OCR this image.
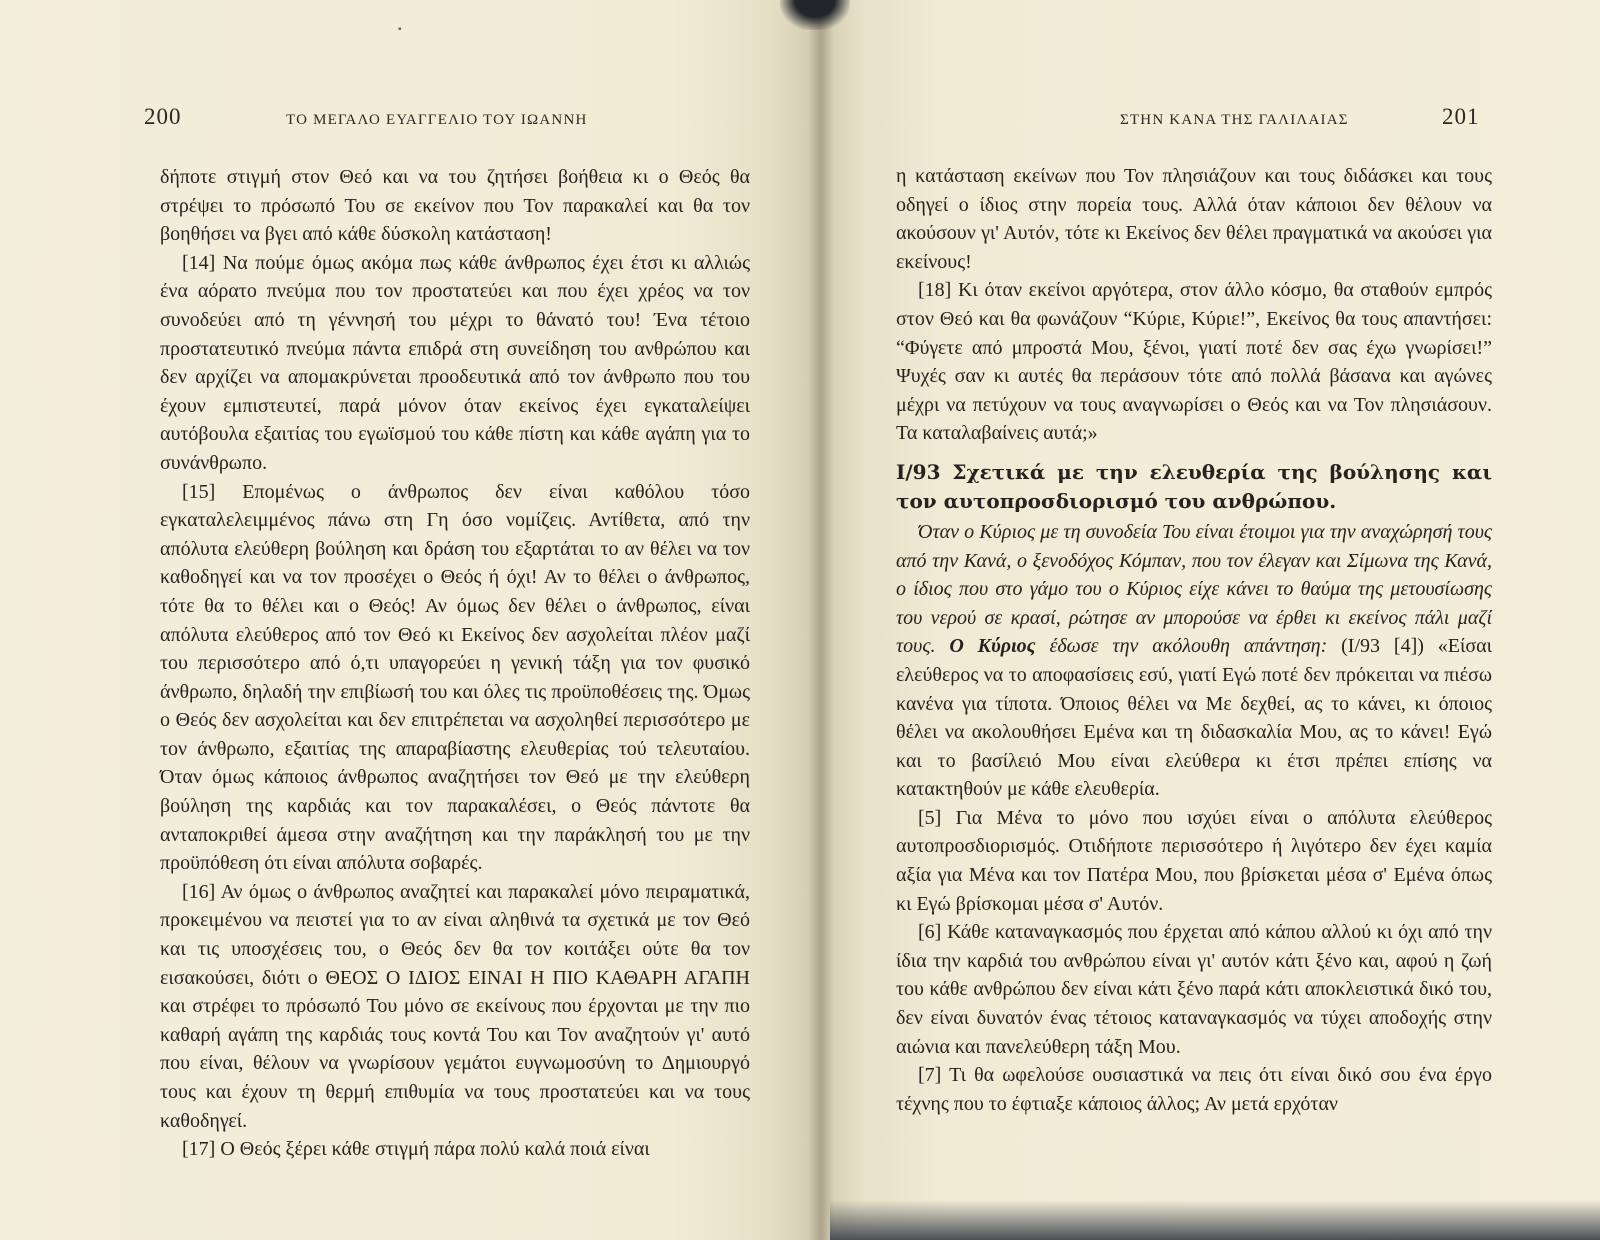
▪
200	ΤΟ ΜΕΓΑΛΟ ΕΥΑΓΓΕΛΙΟ ΤΟΥ ΙΩΑΝΝΗ

δήποτε στιγμή στον Θεό και να του ζητήσει βοήθεια κι ο Θεός θα στρέψει το πρόσωπό Του σε εκείνον που Τον παρακαλεί και θα τον βοηθήσει να βγει από κάθε δύσκολη κατάσταση!

[14] Να πούμε όμως ακόμα πως κάθε άνθρωπος έχει έτσι κι αλλιώς ένα αόρατο πνεύμα που τον προστατεύει και που έχει χρέος να τον συνοδεύει από τη γέννησή του μέχρι το θάνατό του! Ένα τέτοιο προστατευτικό πνεύμα πάντα επιδρά στη συνείδηση του ανθρώπου και δεν αρχίζει να απομακρύνεται προοδευτικά από τον άνθρωπο που του έχουν εμπιστευτεί, παρά μόνον όταν εκείνος έχει εγκαταλείψει αυτόβουλα εξαιτίας του εγωϊσμού του κάθε πίστη και κάθε αγάπη για το συνάνθρωπο.

[15] Επομένως ο άνθρωπος δεν είναι καθόλου τόσο εγκαταλελειμμένος πάνω στη Γη όσο νομίζεις. Αντίθετα, από την απόλυτα ελεύθερη βούληση και δράση του εξαρτάται το αν θέλει να τον καθοδηγεί και να τον προσέχει ο Θεός ή όχι! Αν το θέλει ο άνθρωπος, τότε θα το θέλει και ο Θεός! Αν όμως δεν θέλει ο άνθρωπος, είναι απόλυτα ελεύθερος από τον Θεό κι Εκείνος δεν ασχολείται πλέον μαζί του περισσότερο από ό,τι υπαγορεύει η γενική τάξη για τον φυσικό άνθρωπο, δηλαδή την επιβίωσή του και όλες τις προϋποθέσεις της. Όμως ο Θεός δεν ασχολείται και δεν επιτρέπεται να ασχοληθεί περισσότερο με τον άνθρωπο, εξαιτίας της απαραβίαστης ελευθερίας τού τελευταίου. Όταν όμως κάποιος άνθρωπος αναζητήσει τον Θεό με την ελεύθερη βούληση της καρδιάς και τον παρακαλέσει, ο Θεός πάντοτε θα ανταποκριθεί άμεσα στην αναζήτηση και την παράκλησή του με την προϋπόθεση ότι είναι απόλυτα σοβαρές.

[16] Αν όμως ο άνθρωπος αναζητεί και παρακαλεί μόνο πειραματικά, προκειμένου να πειστεί για το αν είναι αληθινά τα σχετικά με τον Θεό και τις υποσχέσεις του, ο Θεός δεν θα τον κοιτάξει ούτε θα τον εισακούσει, διότι ο ΘΕΟΣ Ο ΙΔΙΟΣ ΕΙΝΑΙ Η ΠΙΟ ΚΑΘΑΡΗ ΑΓΑΠΗ και στρέφει το πρόσωπό Του μόνο σε εκείνους που έρχονται με την πιο καθαρή αγάπη της καρδιάς τους κοντά Του και Τον αναζητούν γι' αυτό που είναι, θέλουν να γνωρίσουν γεμάτοι ευγνωμοσύνη το Δημιουργό τους και έχουν τη θερμή επιθυμία να τους προστατεύει και να τους καθοδηγεί.

[17] Ο Θεός ξέρει κάθε στιγμή πάρα πολύ καλά ποιά είναι

ΣΤΗΝ ΚΑΝΑ ΤΗΣ ΓΑΛΙΛΑΙΑΣ	201

η κατάσταση εκείνων που Τον πλησιάζουν και τους διδάσκει και τους οδηγεί ο ίδιος στην πορεία τους. Αλλά όταν κάποιοι δεν θέλουν να ακούσουν γι' Αυτόν, τότε κι Εκείνος δεν θέλει πραγματικά να ακούσει για εκείνους!

[18] Κι όταν εκείνοι αργότερα, στον άλλο κόσμο, θα σταθούν εμπρός στον Θεό και θα φωνάζουν “Κύριε, Κύριε!”, Εκείνος θα τους απαντήσει: “Φύγετε από μπροστά Μου, ξένοι, γιατί ποτέ δεν σας έχω γνωρίσει!” Ψυχές σαν κι αυτές θα περάσουν τότε από πολλά βάσανα και αγώνες μέχρι να πετύχουν να τους αναγνωρίσει ο Θεός και να Τον πλησιάσουν. Τα καταλαβαίνεις αυτά;»

I/93 Σχετικά με την ελευθερία της βούλησης και τον αυτοπροσδιορισμό του ανθρώπου.

Όταν ο Κύριος με τη συνοδεία Του είναι έτοιμοι για την αναχώρησή τους από την Κανά, ο ξενοδόχος Κόμπαν, που τον έλεγαν και Σίμωνα της Κανά, ο ίδιος που στο γάμο του ο Κύριος είχε κάνει το θαύμα της μετουσίωσης του νερού σε κρασί, ρώτησε αν μπορούσε να έρθει κι εκείνος πάλι μαζί τους. Ο Κύριος έδωσε την ακόλουθη απάντηση: (I/93 [4]) «Είσαι ελεύθερος να το αποφασίσεις εσύ, γιατί Εγώ ποτέ δεν πρόκειται να πιέσω κανένα για τίποτα. Όποιος θέλει να Με δεχθεί, ας το κάνει, κι όποιος θέλει να ακολουθήσει Εμένα και τη διδασκαλία Μου, ας το κάνει! Εγώ και το βασίλειό Μου είναι ελεύθερα κι έτσι πρέπει επίσης να κατακτηθούν με κάθε ελευθερία.

[5] Για Μένα το μόνο που ισχύει είναι ο απόλυτα ελεύθερος αυτοπροσδιορισμός. Οτιδήποτε περισσότερο ή λιγότερο δεν έχει καμία αξία για Μένα και τον Πατέρα Μου, που βρίσκεται μέσα σ' Εμένα όπως κι Εγώ βρίσκομαι μέσα σ' Αυτόν.

[6] Κάθε καταναγκασμός που έρχεται από κάπου αλλού κι όχι από την ίδια την καρδιά του ανθρώπου είναι γι' αυτόν κάτι ξένο και, αφού η ζωή του κάθε ανθρώπου δεν είναι κάτι ξένο παρά κάτι αποκλειστικά δικό του, δεν είναι δυνατόν ένας τέτοιος καταναγκασμός να τύχει αποδοχής στην αιώνια και πανελεύθερη τάξη Μου.

[7] Τι θα ωφελούσε ουσιαστικά να πεις ότι είναι δικό σου ένα έργο τέχνης που το έφτιαξε κάποιος άλλος; Αν μετά ερχόταν
